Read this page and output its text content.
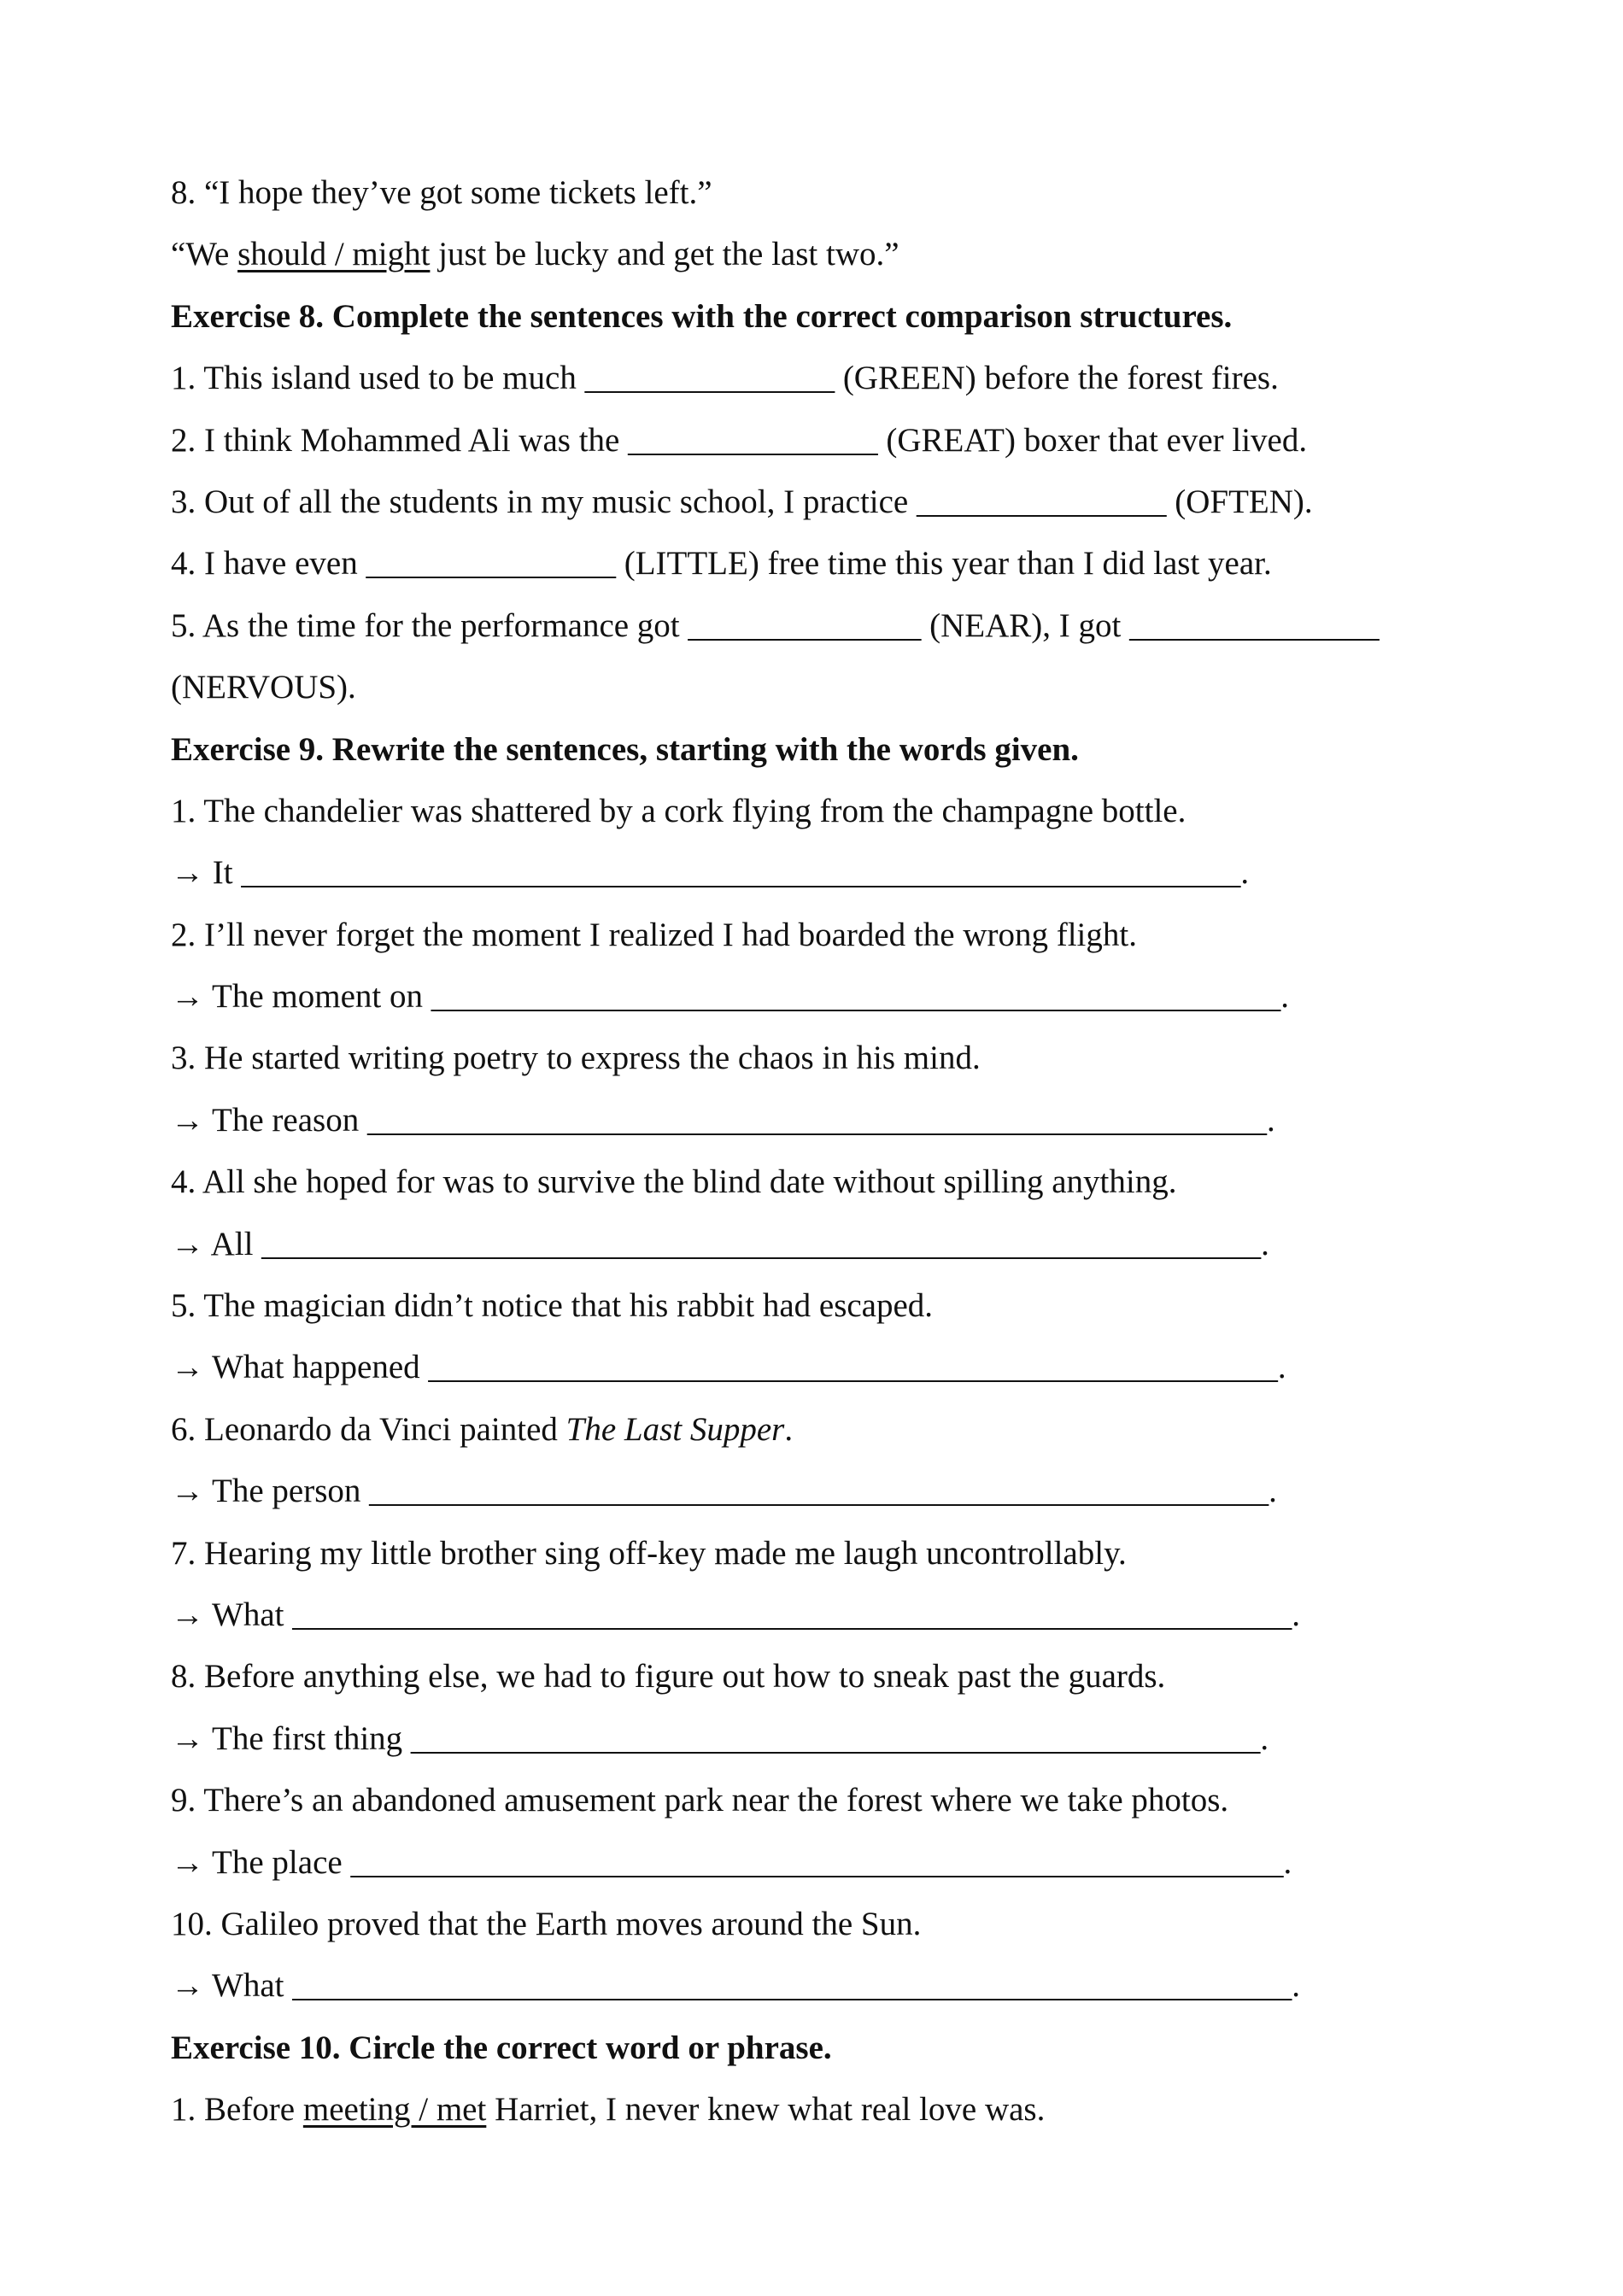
8. “I hope they’ve got some tickets left.”
“We should / might just be lucky and get the last two.”
Exercise 8. Complete the sentences with the correct comparison structures.
1. This island used to be much _______________ (GREEN) before the forest fires.
2. I think Mohammed Ali was the _______________ (GREAT) boxer that ever lived.
3. Out of all the students in my music school, I practice _______________ (OFTEN).
4. I have even _______________ (LITTLE) free time this year than I did last year.
5. As the time for the performance got ______________ (NEAR), I got _______________
(NERVOUS).
Exercise 9. Rewrite the sentences, starting with the words given.
1. The chandelier was shattered by a cork flying from the champagne bottle.
→ It ____________________________________________________________.
2. I’ll never forget the moment I realized I had boarded the wrong flight.
→ The moment on ___________________________________________________.
3. He started writing poetry to express the chaos in his mind.
→ The reason ______________________________________________________.
4. All she hoped for was to survive the blind date without spilling anything.
→ All ____________________________________________________________.
5. The magician didn’t notice that his rabbit had escaped.
→ What happened ___________________________________________________.
6. Leonardo da Vinci painted The Last Supper.
→ The person ______________________________________________________.
7. Hearing my little brother sing off-key made me laugh uncontrollably.
→ What ____________________________________________________________.
8. Before anything else, we had to figure out how to sneak past the guards.
→ The first thing ___________________________________________________.
9. There’s an abandoned amusement park near the forest where we take photos.
→ The place ________________________________________________________.
10. Galileo proved that the Earth moves around the Sun.
→ What ____________________________________________________________.
Exercise 10. Circle the correct word or phrase.
1. Before meeting / met Harriet, I never knew what real love was.
